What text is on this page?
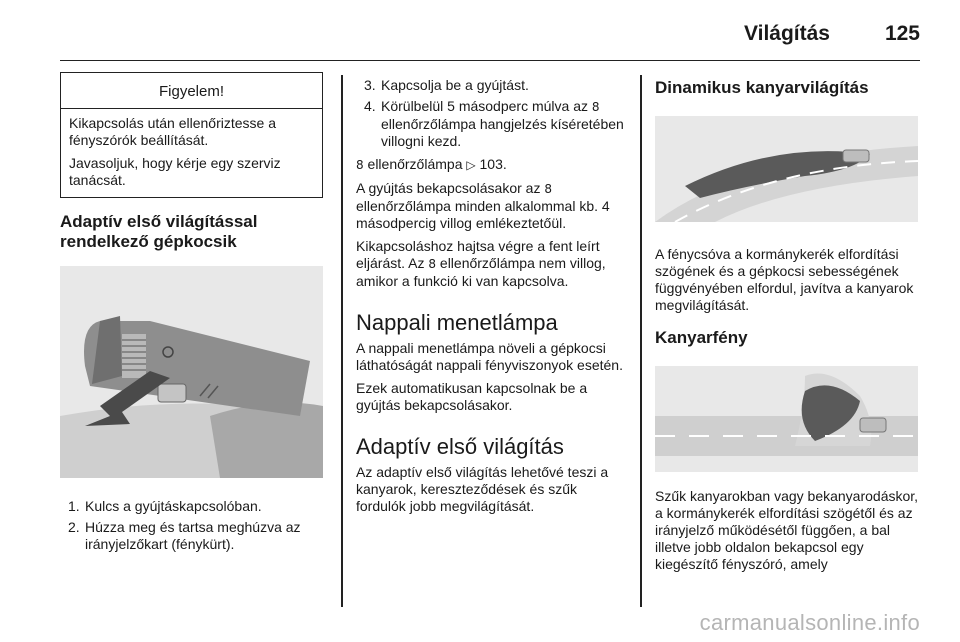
Világítás	125
Figyelem!

Kikapcsolás után ellenőriztesse a fényszórók beállítását.

Javasoljuk, hogy kérje egy szerviz tanácsát.

Adaptív első világítással rendelkező gépkocsik
1. Kulcs a gyújtáskapcsolóban.
2. Húzza meg és tartsa meghúzva az irányjelzőkart (fénykürt).
3. Kapcsolja be a gyújtást.
4. Körülbelül 5 másodperc múlva az 8 ellenőrzőlámpa hangjelzés kíséretében villogni kezd.

8 ellenőrzőlámpa ▷ 103.

A gyújtás bekapcsolásakor az 8 ellenőrzőlámpa minden alkalommal kb. 4 másodpercig villog emlékeztetőül.

Kikapcsoláshoz hajtsa végre a fent leírt eljárást. Az 8 ellenőrzőlámpa nem villog, amikor a funkció ki van kapcsolva.

Nappali menetlámpa

A nappali menetlámpa növeli a gépkocsi láthatóságát nappali fényviszonyok esetén.

Ezek automatikusan kapcsolnak be a gyújtás bekapcsolásakor.

Adaptív első világítás

Az adaptív első világítás lehetővé teszi a kanyarok, kereszteződések és szűk fordulók jobb megvilágítását.

Dinamikus kanyarvilágítás

A fénycsóva a kormánykerék elfordítási szögének és a gépkocsi sebességének függvényében elfordul, javítva a kanyarok megvilágítását.

Kanyarfény

Szűk kanyarokban vagy bekanyarodáskor, a kormánykerék elfordítási szögétől és az irányjelző működésétől függően, a bal illetve jobb oldalon bekapcsol egy kiegészítő fényszóró, amely

carmanualsonline.info
